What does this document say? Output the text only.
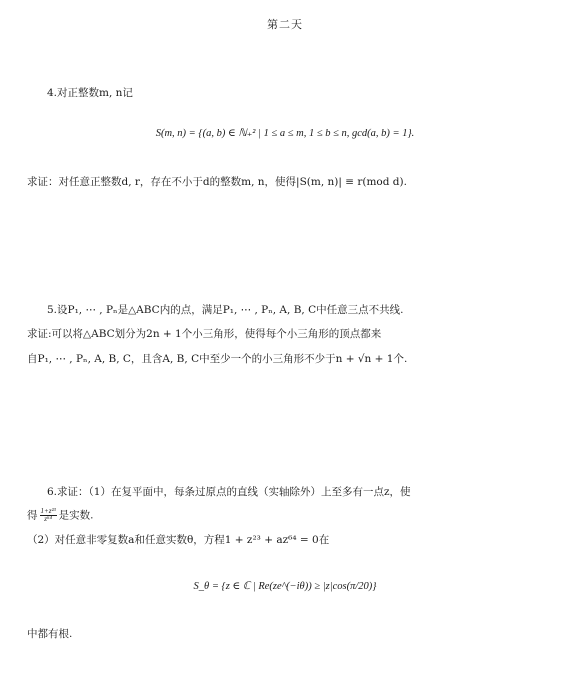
第二天
4.对正整数m, n记
S(m, n) = {(a, b) ∈ ℕ₊² | 1 ≤ a ≤ m, 1 ≤ b ≤ n, gcd(a, b) = 1}.
求证：对任意正整数d, r，存在不小于d的整数m, n，使得|S(m, n)| ≡ r(mod d).
5.设P₁, ⋯ , Pₙ是△ABC内的点，满足P₁, ⋯ , Pₙ, A, B, C中任意三点不共线.
求证:可以将△ABC划分为2n + 1个小三角形，使得每个小三角形的顶点都来
自P₁, ⋯ , Pₙ, A, B, C，且含A, B, C中至少一个的小三角形不少于n + √n + 1个.
6.求证：（1）在复平面中，每条过原点的直线（实轴除外）上至多有一点z，使
得 $\frac{\text{1+z²³}}{\text{z⁶⁴}}$ 是实数.
（2）对任意非零复数a和任意实数θ，方程1 + z²³ + az⁶⁴ = 0在
S_θ = {z ∈ ℂ | Re(ze^(−iθ)) ≥ |z|cos(π/20)}
中都有根.
